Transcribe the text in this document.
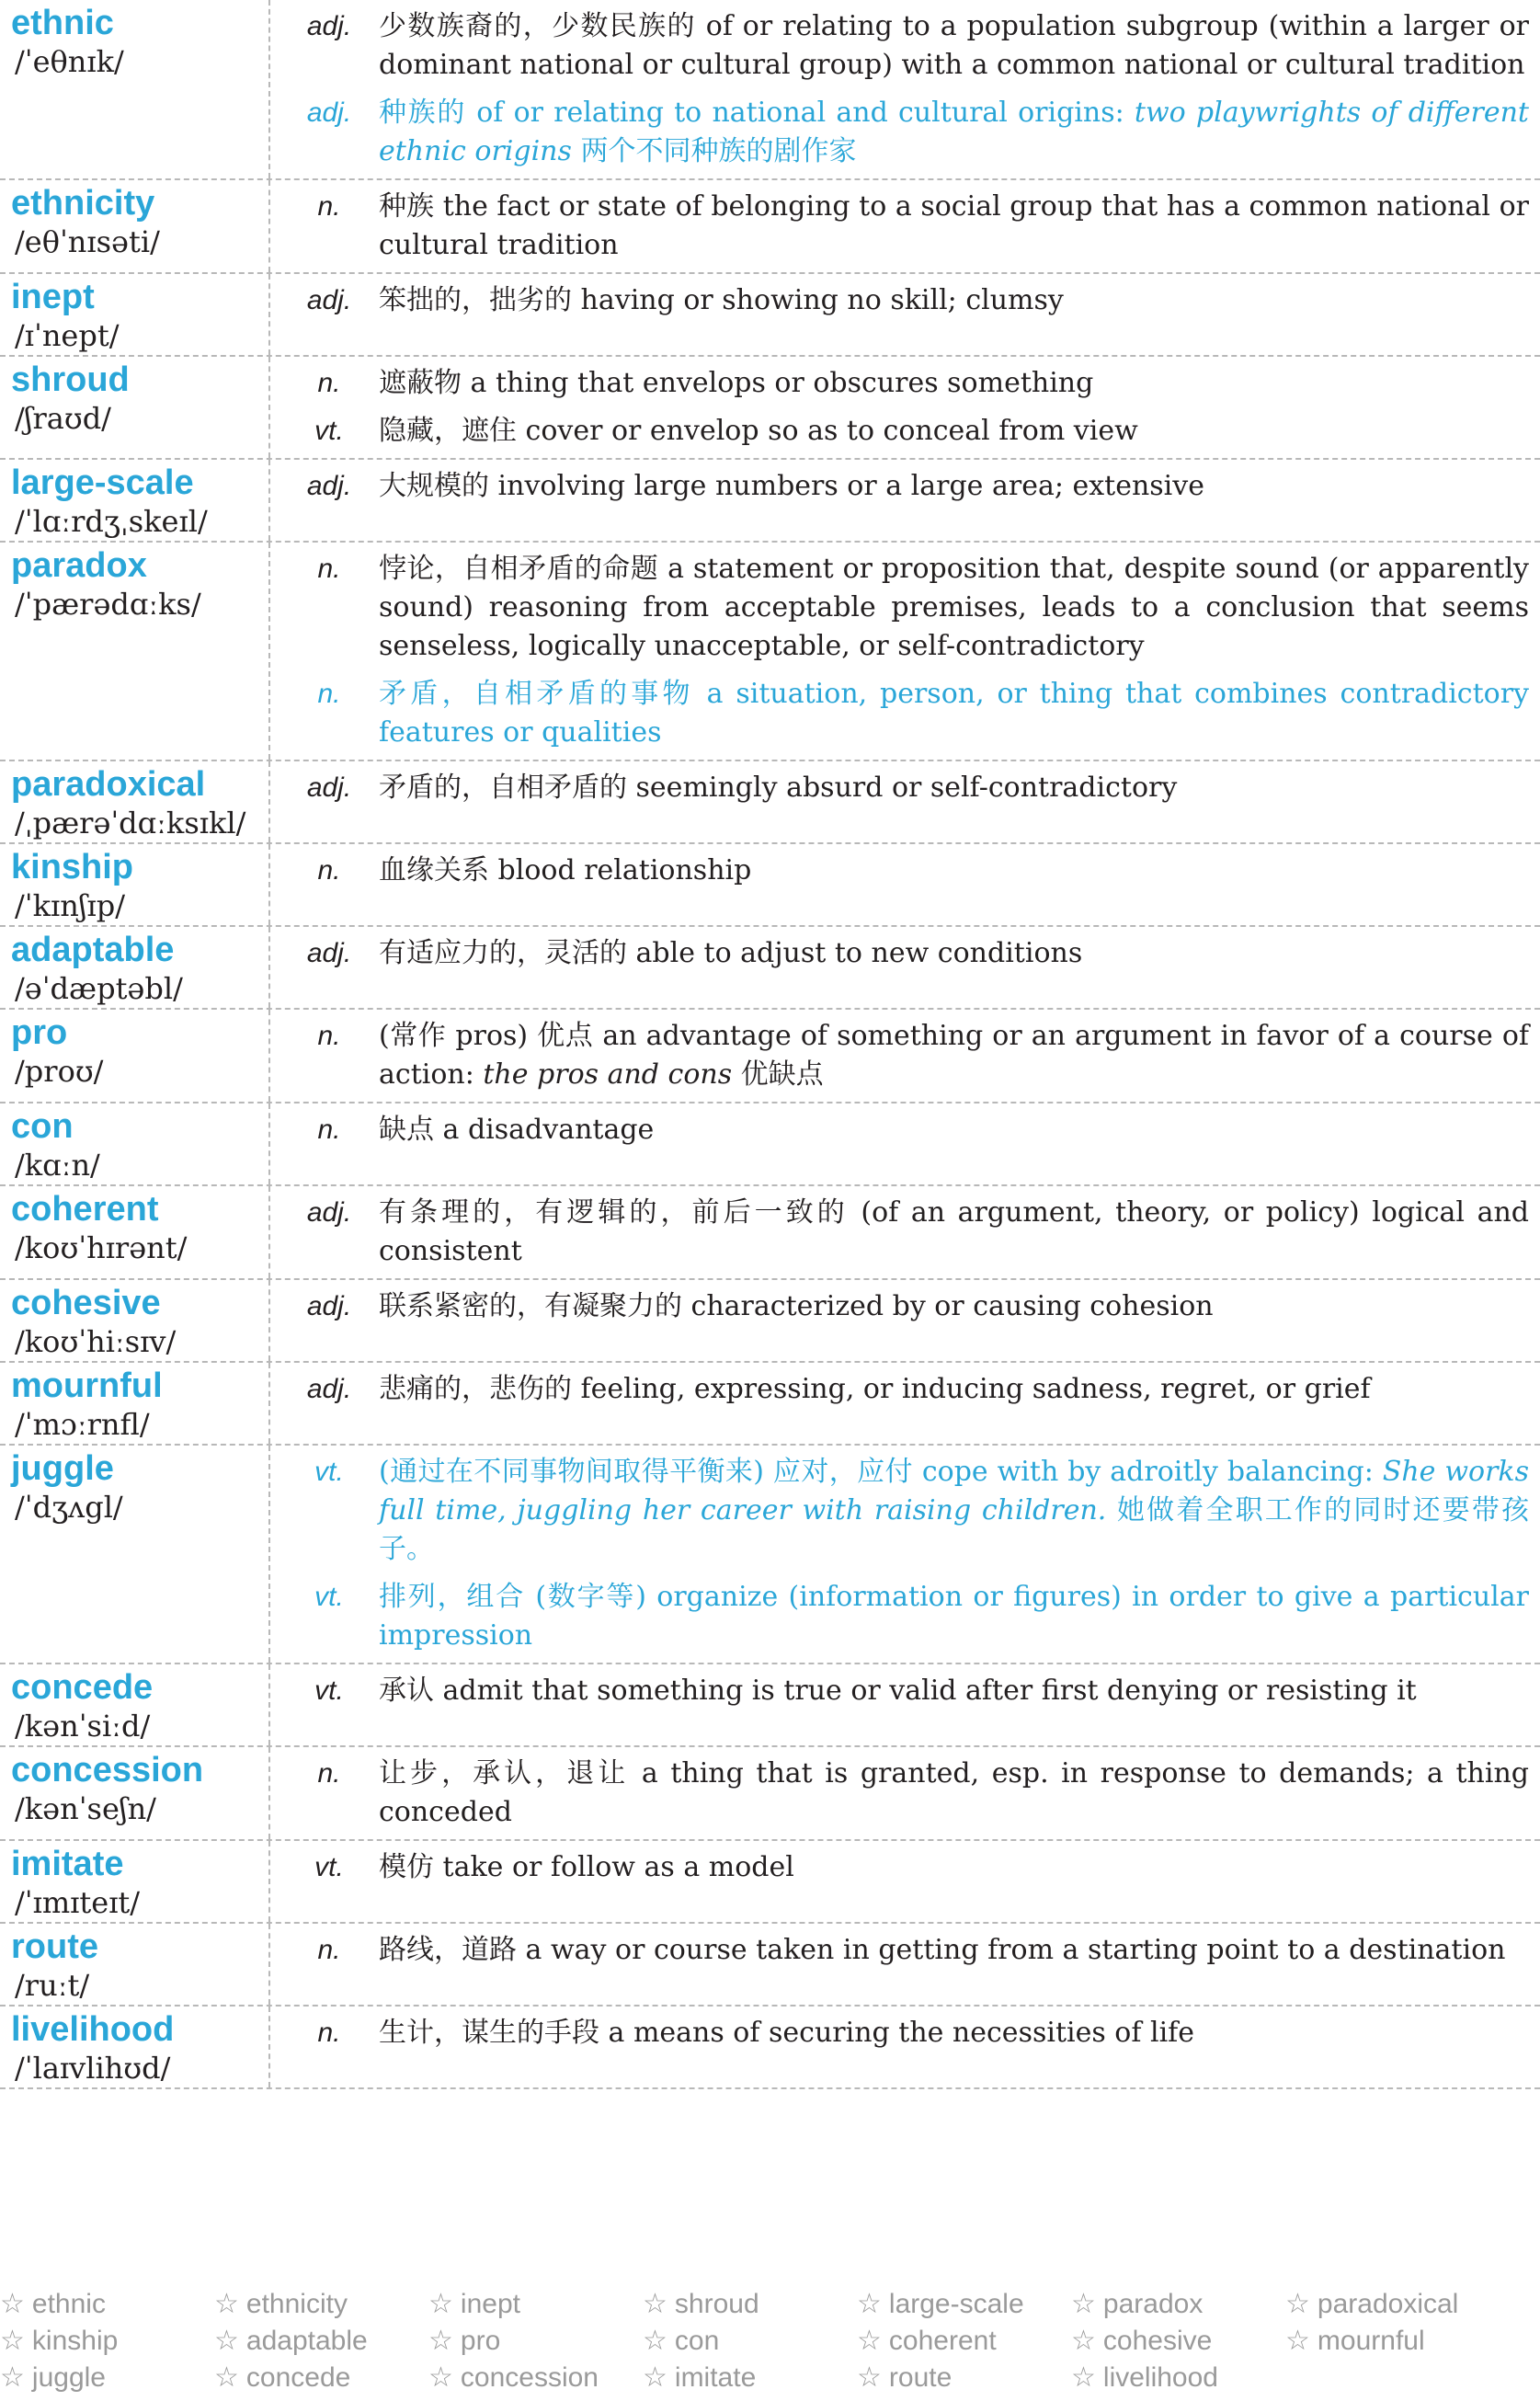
ethnic
/ˈeθnɪk/
adj. 少数族裔的，少数民族的 of or relating to a population subgroup (within a larger or dominant national or cultural group) with a common national or cultural tradition
adj. 种族的 of or relating to national and cultural origins: two playwrights of different ethnic origins 两个不同种族的剧作家
ethnicity
/eθˈnɪsəti/
n.	种族 the fact or state of belonging to a social group that has a common national or cultural tradition
inept
/ɪˈnept/
adj. 笨拙的，拙劣的 having or showing no skill; clumsy
shroud
/ʃraʊd/
n.	遮蔽物 a thing that envelops or obscures something
vt.	隐藏，遮住 cover or envelop so as to conceal from view
large-scale
/ˈlɑːrdʒˌskeɪl/
adj. 大规模的 involving large numbers or a large area; extensive
paradox
/ˈpærədɑːks/
n.	悖论，自相矛盾的命题 a statement or proposition that, despite sound (or apparently sound) reasoning from acceptable premises, leads to a conclusion that seems senseless, logically unacceptable, or self-contradictory
n.	矛盾，自相矛盾的事物 a situation, person, or thing that combines contradictory features or qualities
paradoxical
/ˌpærəˈdɑːksɪkl/
adj. 矛盾的，自相矛盾的 seemingly absurd or self-contradictory
kinship
/ˈkɪnʃɪp/
n.	血缘关系 blood relationship
adaptable
/əˈdæptəbl/
adj. 有适应力的，灵活的 able to adjust to new conditions
pro
/proʊ/
n.	(常作 pros) 优点 an advantage of something or an argument in favor of a course of action: the pros and cons 优缺点
con
/kɑːn/
n.	缺点 a disadvantage
coherent
/koʊˈhɪrənt/
adj. 有条理的，有逻辑的，前后一致的 (of an argument, theory, or policy) logical and consistent
cohesive
/koʊˈhiːsɪv/
adj. 联系紧密的，有凝聚力的 characterized by or causing cohesion
mournful
/ˈmɔːrnfl/
adj. 悲痛的，悲伤的 feeling, expressing, or inducing sadness, regret, or grief
juggle
/ˈdʒʌgl/
vt.	(通过在不同事物间取得平衡来) 应对，应付 cope with by adroitly balancing: She works full time, juggling her career with raising children. 她做着全职工作的同时还要带孩子。
vt.	排列，组合 (数字等) organize (information or figures) in order to give a particular impression
concede
/kənˈsiːd/
vt.	承认 admit that something is true or valid after first denying or resisting it
concession
/kənˈseʃn/
n.	让步，承认，退让 a thing that is granted, esp. in response to demands; a thing conceded
imitate
/ˈɪmɪteɪt/
vt.	模仿 take or follow as a model
route
/ruːt/
n.	路线，道路 a way or course taken in getting from a starting point to a destination
livelihood
/ˈlaɪvlihʊd/
n.	生计，谋生的手段 a means of securing the necessities of life
☆ ethnic	☆ ethnicity	☆ inept	☆ shroud	☆ large-scale ☆ paradox	☆ paradoxical
☆ kinship	☆ adaptable ☆ pro	☆ con	☆ coherent	☆ cohesive	☆ mournful
☆ juggle	☆ concede	☆ concession ☆ imitate	☆ route	☆ livelihood
